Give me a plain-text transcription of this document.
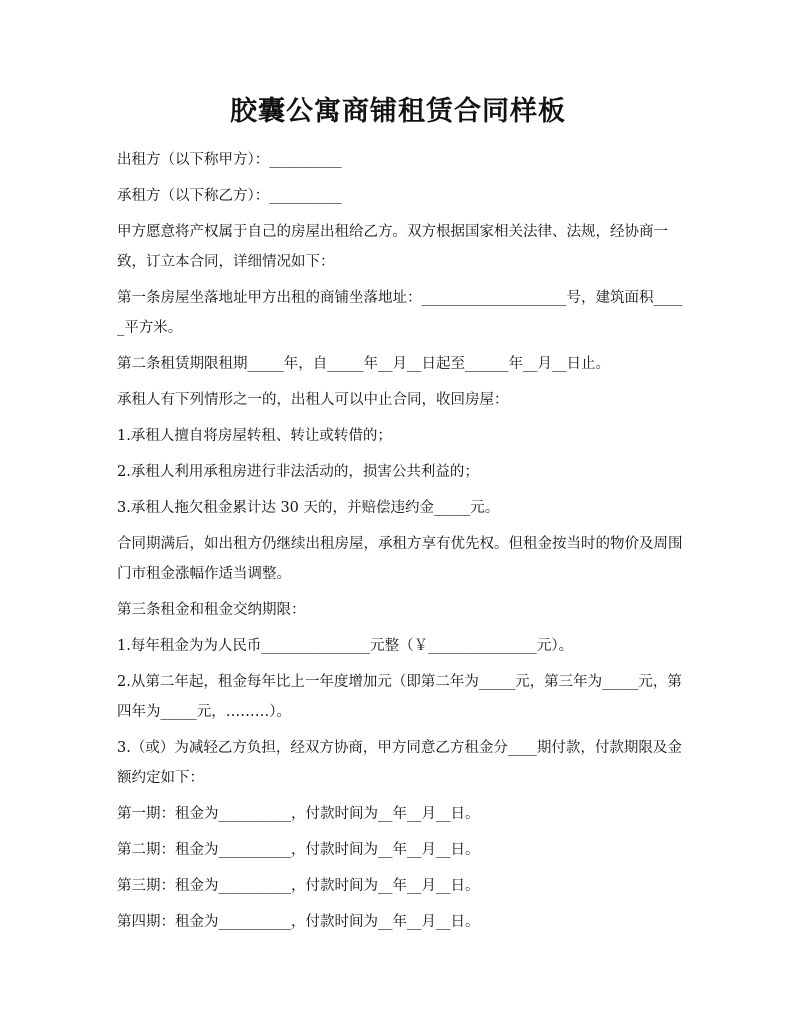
胶囊公寓商铺租赁合同样板

出租方（以下称甲方）：__________

承租方（以下称乙方）：__________

甲方愿意将产权属于自己的房屋出租给乙方。双方根据国家相关法律、法规，经协商一致，订立本合同，详细情况如下：

第一条房屋坐落地址甲方出租的商铺坐落地址：____________________号，建筑面积_____平方米。

第二条租赁期限租期_____年，自_____年__月__日起至______年__月__日止。

承租人有下列情形之一的，出租人可以中止合同，收回房屋：

1.承租人擅自将房屋转租、转让或转借的；

2.承租人利用承租房进行非法活动的，损害公共利益的；

3.承租人拖欠租金累计达 30 天的，并赔偿违约金_____元。

合同期满后，如出租方仍继续出租房屋，承租方享有优先权。但租金按当时的物价及周围门市租金涨幅作适当调整。

第三条租金和租金交纳期限：

1.每年租金为为人民币_______________元整（￥_______________元）。

2.从第二年起，租金每年比上一年度增加元（即第二年为_____元，第三年为_____元，第四年为_____元，………）。

3.（或）为减轻乙方负担，经双方协商，甲方同意乙方租金分____期付款，付款期限及金额约定如下：

第一期：租金为__________，付款时间为__年__月__日。

第二期：租金为__________，付款时间为__年__月__日。

第三期：租金为__________，付款时间为__年__月__日。

第四期：租金为__________，付款时间为__年__月__日。
